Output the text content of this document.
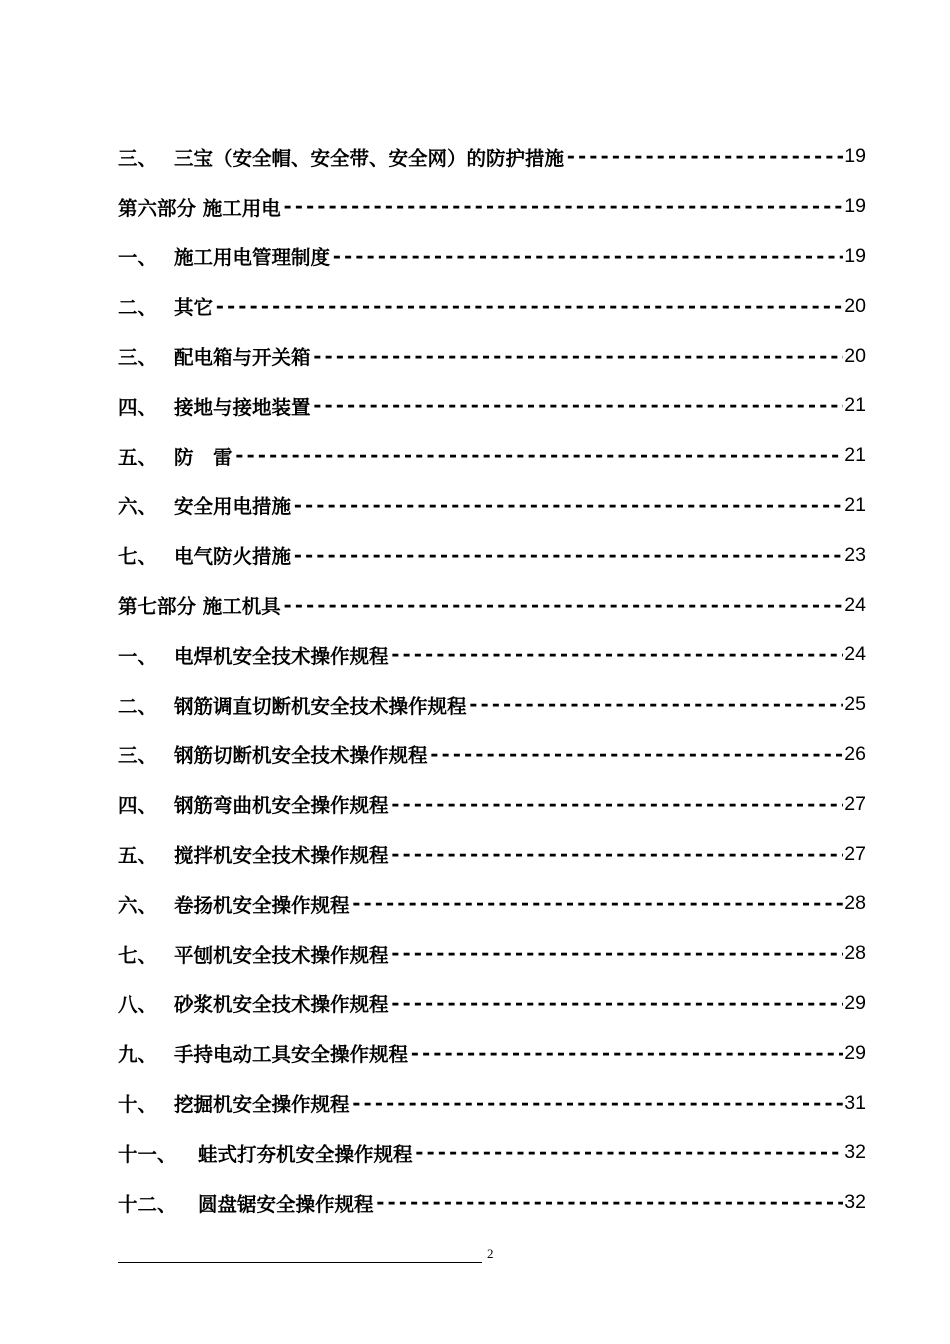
三、 三宝（安全帽、安全带、安全网）的防护措施 -----	19
第六部分 施工用电 -----	19
一、 施工用电管理制度 -----	19
二、 其它 -----	20
三、 配电箱与开关箱 -----	20
四、 接地与接地装置 -----	21
五、 防　雷 -----	21
六、 安全用电措施 -----	21
七、 电气防火措施 -----	23
第七部分 施工机具 -----	24
一、 电焊机安全技术操作规程 -----	24
二、 钢筋调直切断机安全技术操作规程 -----	25
三、 钢筋切断机安全技术操作规程 -----	26
四、 钢筋弯曲机安全操作规程 -----	27
五、 搅拌机安全技术操作规程 -----	27
六、 卷扬机安全操作规程 -----	28
七、 平刨机安全技术操作规程 -----	28
八、 砂浆机安全技术操作规程 -----	29
九、 手持电动工具安全操作规程 -----	29
十、 挖掘机安全操作规程 -----	31
十一、	蛙式打夯机安全操作规程 -----	32
十二、	圆盘锯安全操作规程 -----	32
2
